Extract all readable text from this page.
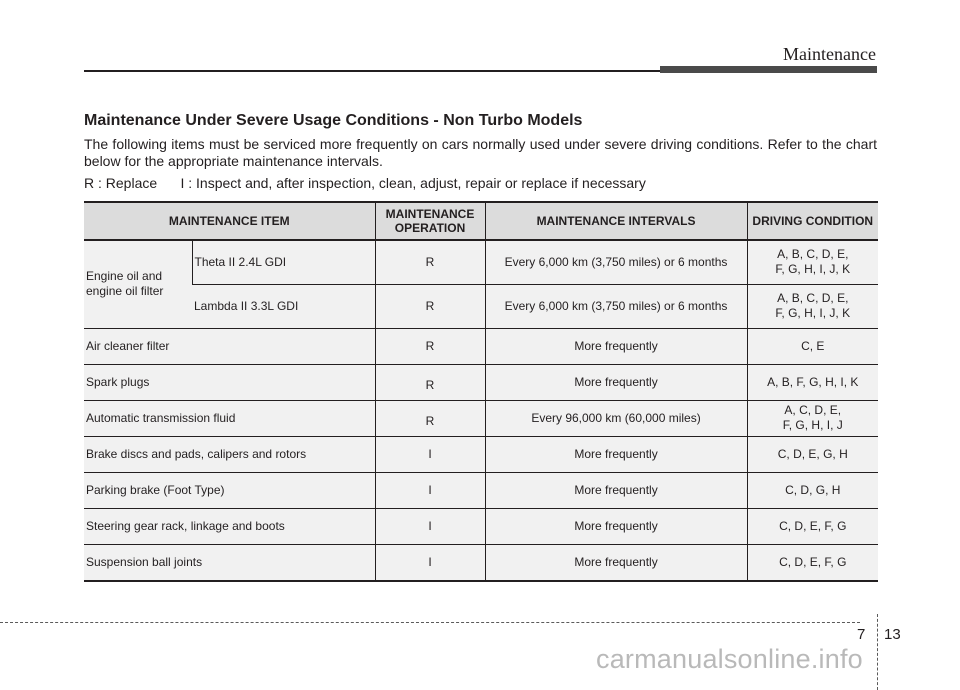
Maintenance
Maintenance Under Severe Usage Conditions - Non Turbo Models

The following items must be serviced more frequently on cars normally used under severe driving conditions. Refer to the chart below for the appropriate maintenance intervals.

R : Replace      I : Inspect and, after inspection, clean, adjust, repair or replace if necessary

MAINTENANCE ITEM		MAINTENANCE OPERATION	MAINTENANCE INTERVALS	DRIVING CONDITION
Engine oil and engine oil filter	Theta II 2.4L GDI	R	Every 6,000 km (3,750 miles) or 6 months	A, B, C, D, E,
F, G, H, I, J, K
	Lambda II 3.3L GDI	R	Every 6,000 km (3,750 miles) or 6 months	A, B, C, D, E,
F, G, H, I, J, K
Air cleaner filter		R	More frequently	C, E
Spark plugs		R	More frequently	A, B, F, G, H, I, K
Automatic transmission fluid		R	Every 96,000 km (60,000 miles)	A, C, D, E,
F, G, H, I, J
Brake discs and pads, calipers and rotors		I	More frequently	C, D, E, G, H
Parking brake (Foot Type)		I	More frequently	C, D, G, H
Steering gear rack, linkage and boots		I	More frequently	C, D, E, F, G
Suspension ball joints		I	More frequently	C, D, E, F, G
7 13
carmanualsonline.info
